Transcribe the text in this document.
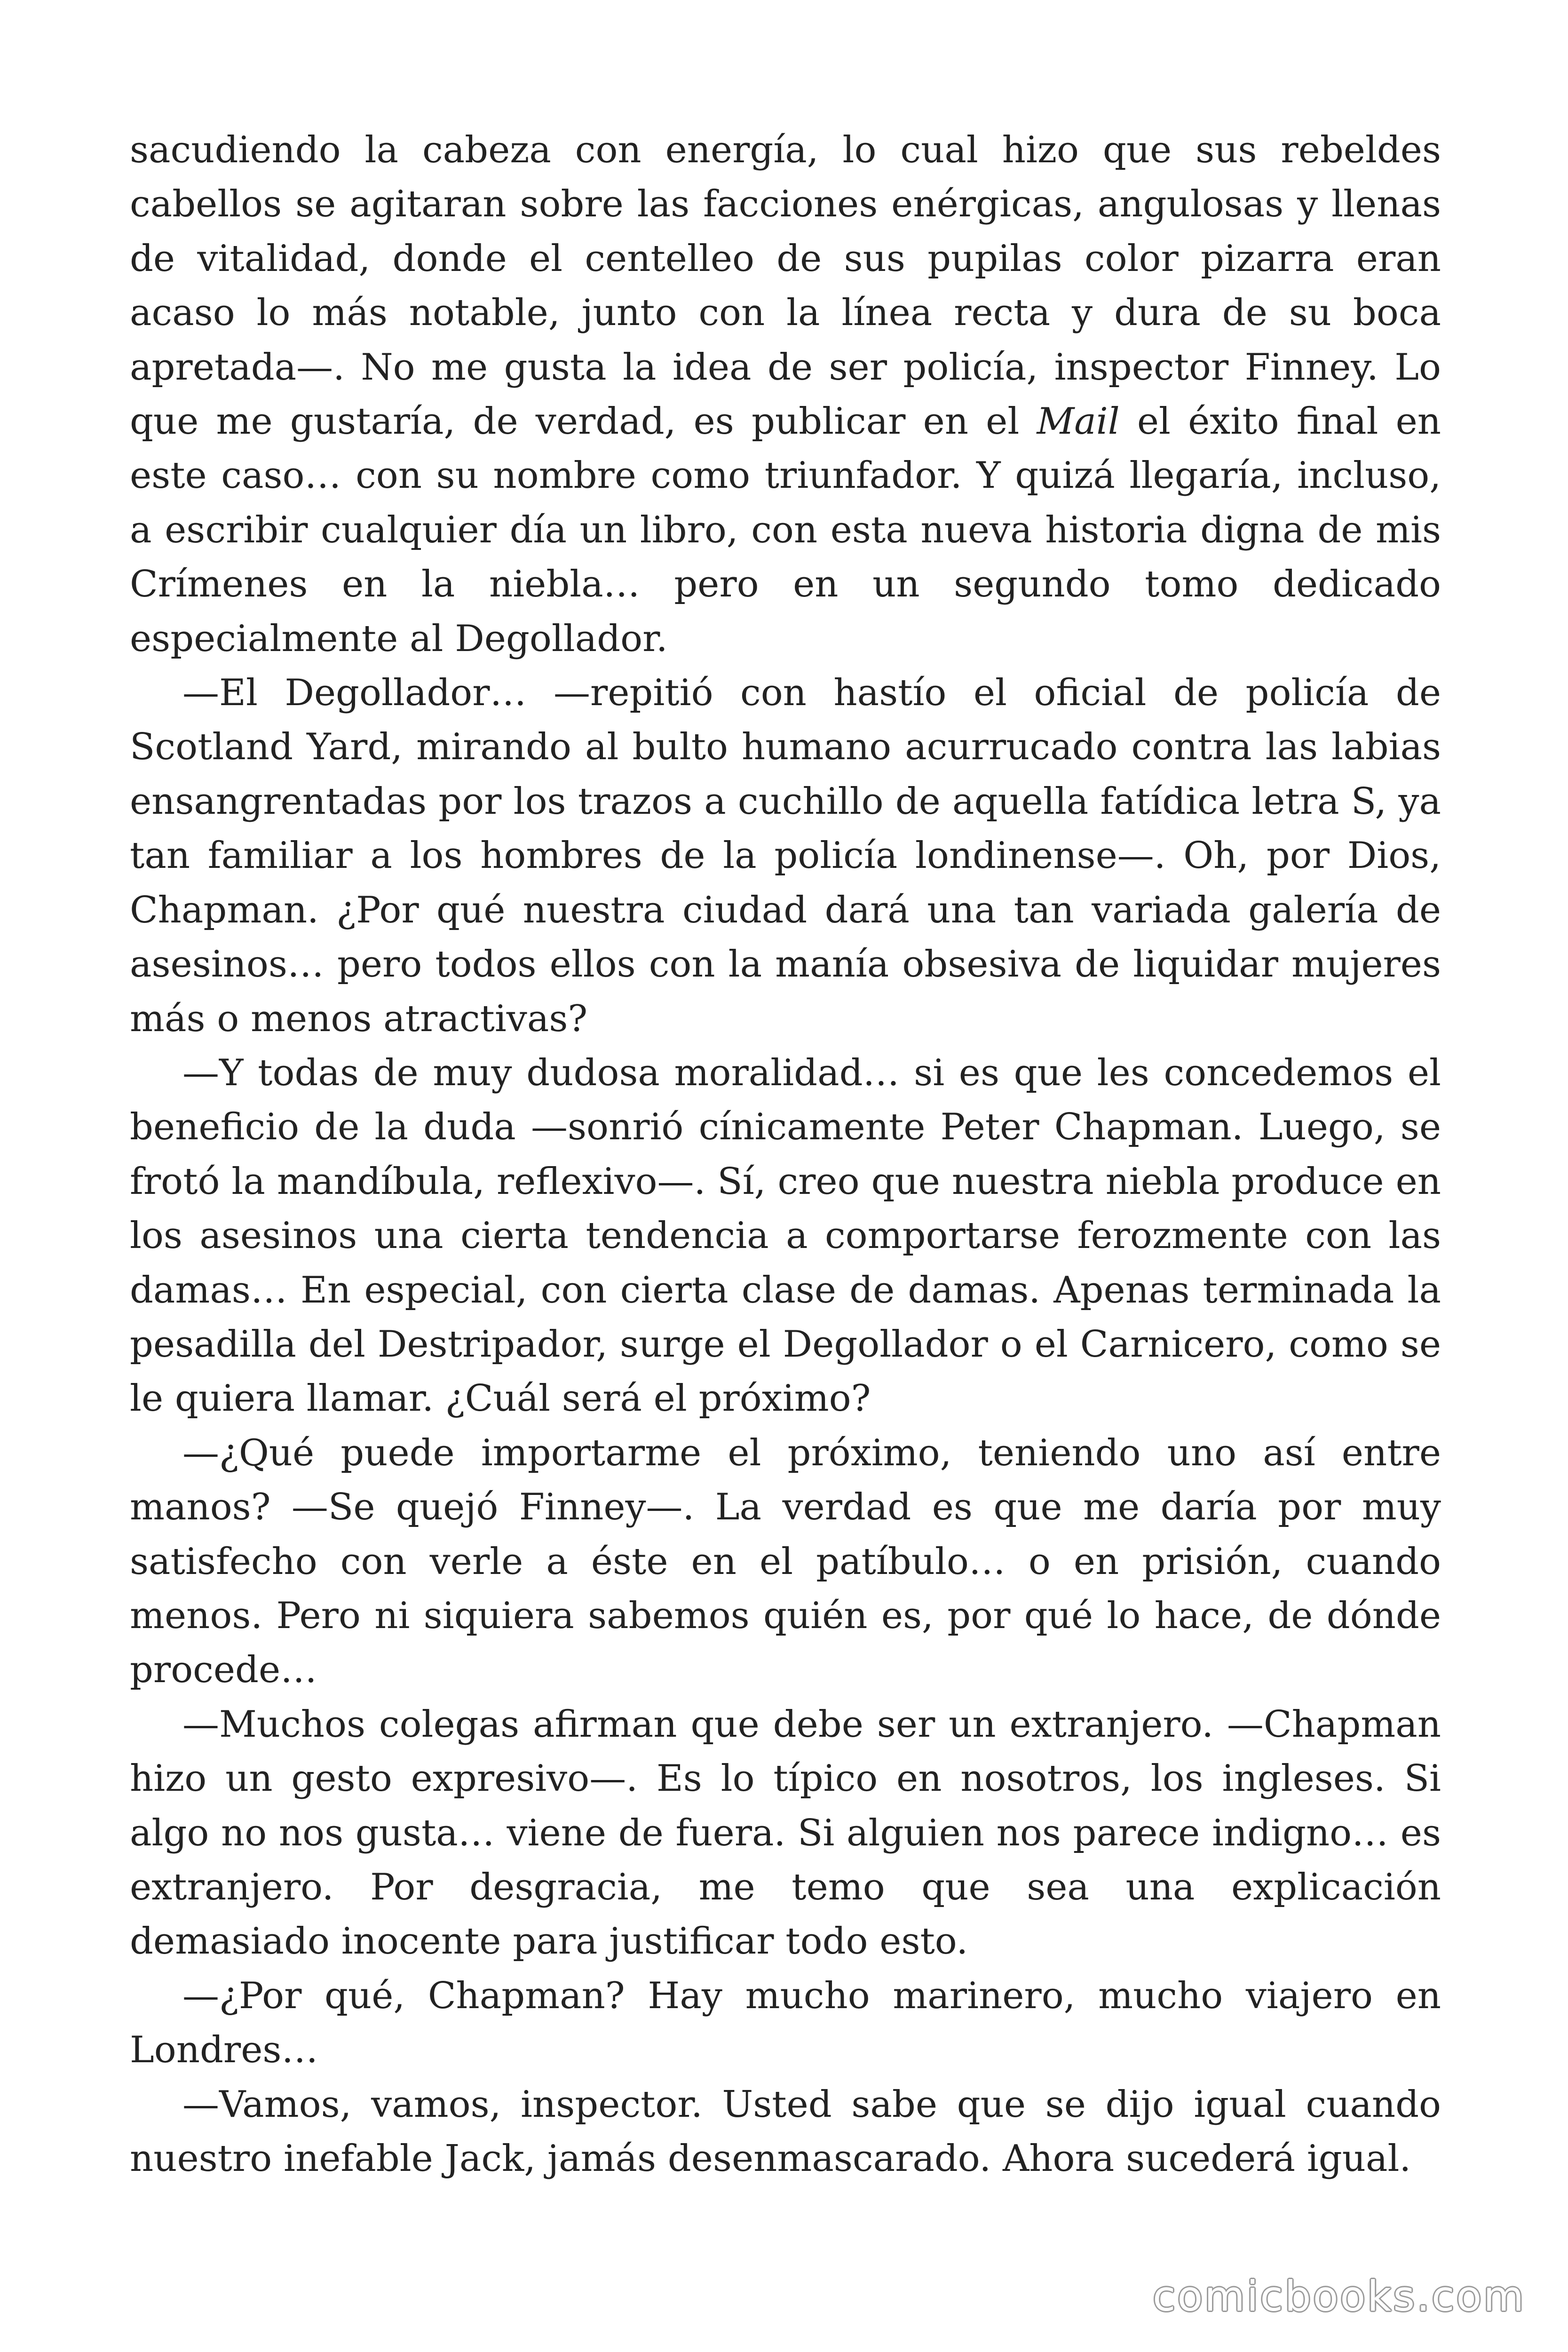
sacudiendo la cabeza con energía, lo cual hizo que sus rebeldes cabellos se agitaran sobre las facciones enérgicas, angulosas y llenas de vitalidad, donde el centelleo de sus pupilas color pizarra eran acaso lo más notable, junto con la línea recta y dura de su boca apretada—. No me gusta la idea de ser policía, inspector Finney. Lo que me gustaría, de verdad, es publicar en el Mail el éxito final en este caso… con su nombre como triunfador. Y quizá llegaría, incluso, a escribir cualquier día un libro, con esta nueva historia digna de mis Crímenes en la niebla… pero en un segundo tomo dedicado especialmente al Degollador.

—El Degollador… —repitió con hastío el oficial de policía de Scotland Yard, mirando al bulto humano acurrucado contra las labias ensangrentadas por los trazos a cuchillo de aquella fatídica letra S, ya tan familiar a los hombres de la policía londinense—. Oh, por Dios, Chapman. ¿Por qué nuestra ciudad dará una tan variada galería de asesinos… pero todos ellos con la manía obsesiva de liquidar mujeres más o menos atractivas?

—Y todas de muy dudosa moralidad… si es que les concedemos el beneficio de la duda —sonrió cínicamente Peter Chapman. Luego, se frotó la mandíbula, reflexivo—. Sí, creo que nuestra niebla produce en los asesinos una cierta tendencia a comportarse ferozmente con las damas… En especial, con cierta clase de damas. Apenas terminada la pesadilla del Destripador, surge el Degollador o el Carnicero, como se le quiera llamar. ¿Cuál será el próximo?

—¿Qué puede importarme el próximo, teniendo uno así entre manos? —Se quejó Finney—. La verdad es que me daría por muy satisfecho con verle a éste en el patíbulo… o en prisión, cuando menos. Pero ni siquiera sabemos quién es, por qué lo hace, de dónde procede…

—Muchos colegas afirman que debe ser un extranjero. —Chapman hizo un gesto expresivo—. Es lo típico en nosotros, los ingleses. Si algo no nos gusta… viene de fuera. Si alguien nos parece indigno… es extranjero. Por desgracia, me temo que sea una explicación demasiado inocente para justificar todo esto.

—¿Por qué, Chapman? Hay mucho marinero, mucho viajero en Londres…

—Vamos, vamos, inspector. Usted sabe que se dijo igual cuando nuestro inefable Jack, jamás desenmascarado. Ahora sucederá igual.

comicbooks.com
